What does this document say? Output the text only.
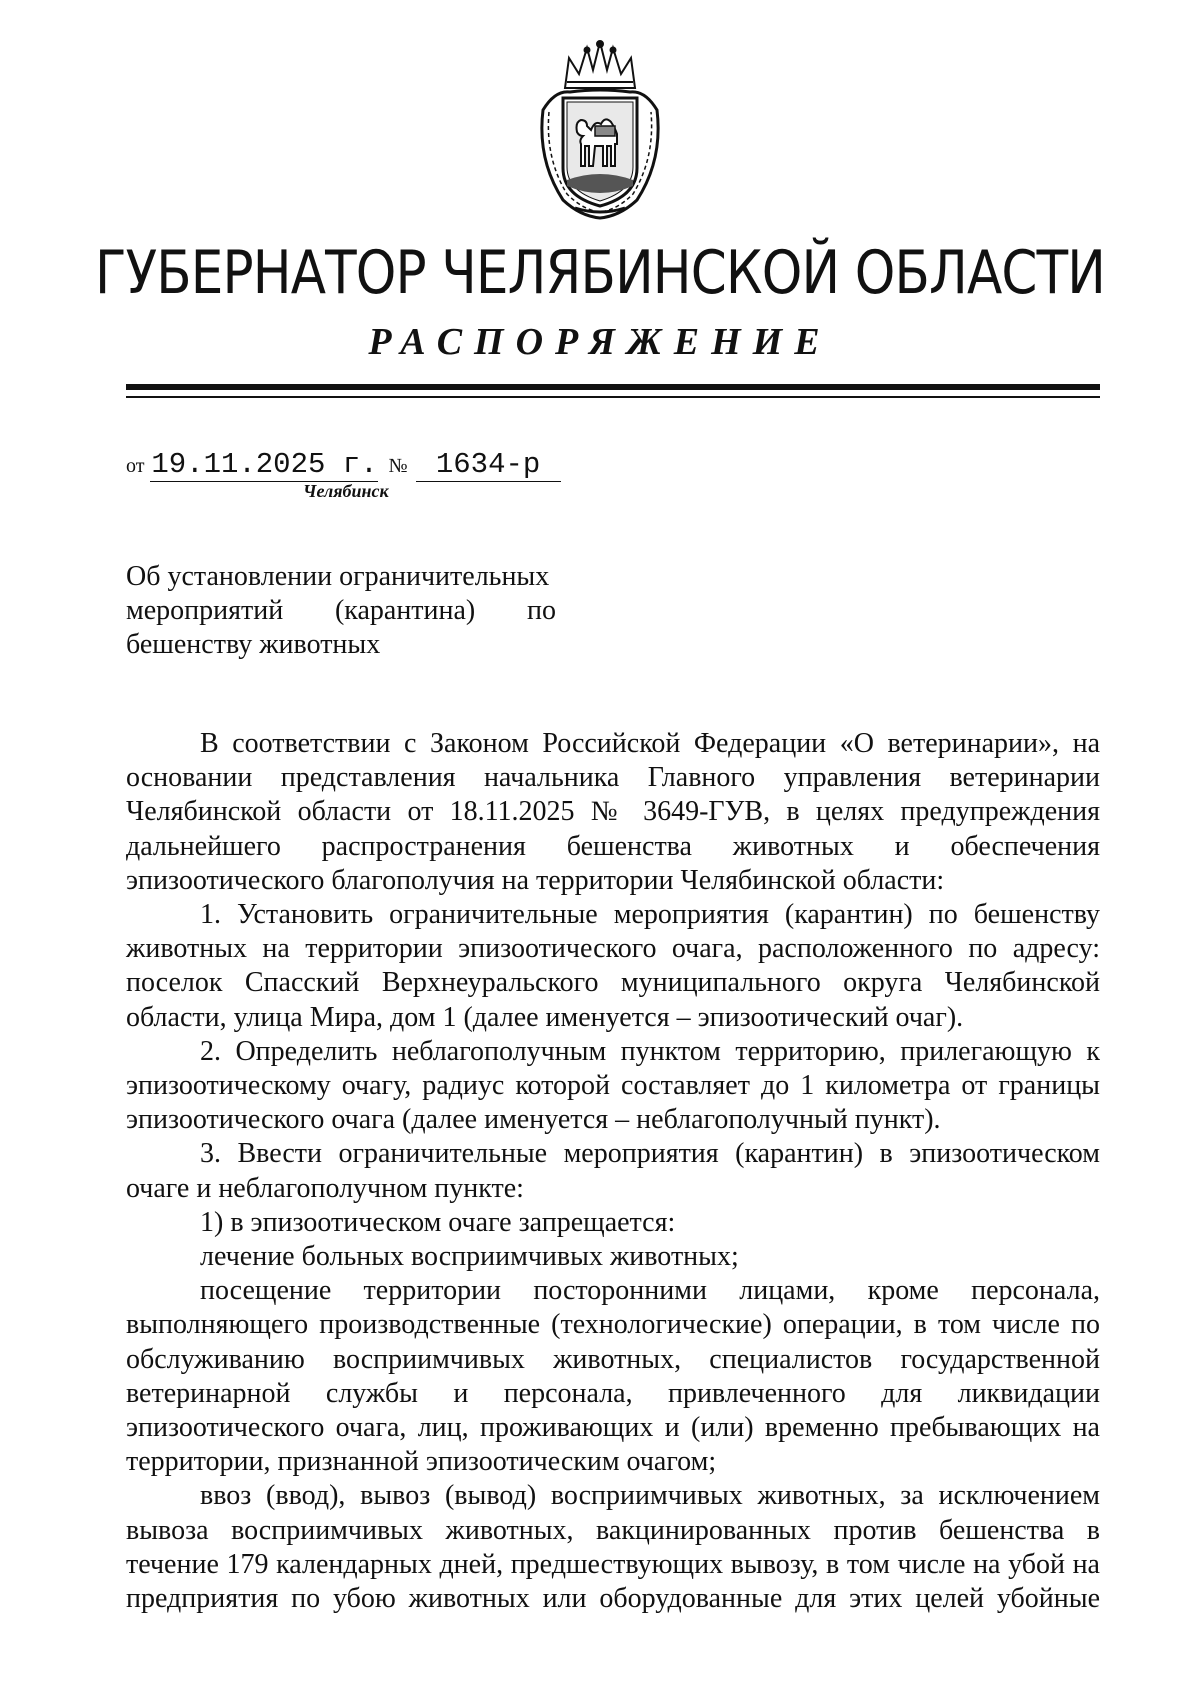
ГУБЕРНАТОР ЧЕЛЯБИНСКОЙ ОБЛАСТИ
РАСПОРЯЖЕНИЕ
от 19.11.2025 г. № 1634-р
Челябинск
Об установлении ограничительных
мероприятий (карантина) по
бешенству животных

В соответствии с Законом Российской Федерации «О ветеринарии», на основании представления начальника Главного управления ветеринарии Челябинской области от 18.11.2025 № 3649-ГУВ, в целях предупреждения дальнейшего распространения бешенства животных и обеспечения эпизоотического благополучия на территории Челябинской области:

1. Установить ограничительные мероприятия (карантин) по бешенству животных на территории эпизоотического очага, расположенного по адресу: поселок Спасский Верхнеуральского муниципального округа Челябинской области, улица Мира, дом 1 (далее именуется – эпизоотический очаг).

2. Определить неблагополучным пунктом территорию, прилегающую к эпизоотическому очагу, радиус которой составляет до 1 километра от границы эпизоотического очага (далее именуется – неблагополучный пункт).

3. Ввести ограничительные мероприятия (карантин) в эпизоотическом очаге и неблагополучном пункте:

1) в эпизоотическом очаге запрещается:

лечение больных восприимчивых животных;

посещение территории посторонними лицами, кроме персонала, выполняющего производственные (технологические) операции, в том числе по обслуживанию восприимчивых животных, специалистов государственной ветеринарной службы и персонала, привлеченного для ликвидации эпизоотического очага, лиц, проживающих и (или) временно пребывающих на территории, признанной эпизоотическим очагом;

ввоз (ввод), вывоз (вывод) восприимчивых животных, за исключением вывоза восприимчивых животных, вакцинированных против бешенства в течение 179 календарных дней, предшествующих вывозу, в том числе на убой на предприятия по убою животных или оборудованные для этих целей убойные
